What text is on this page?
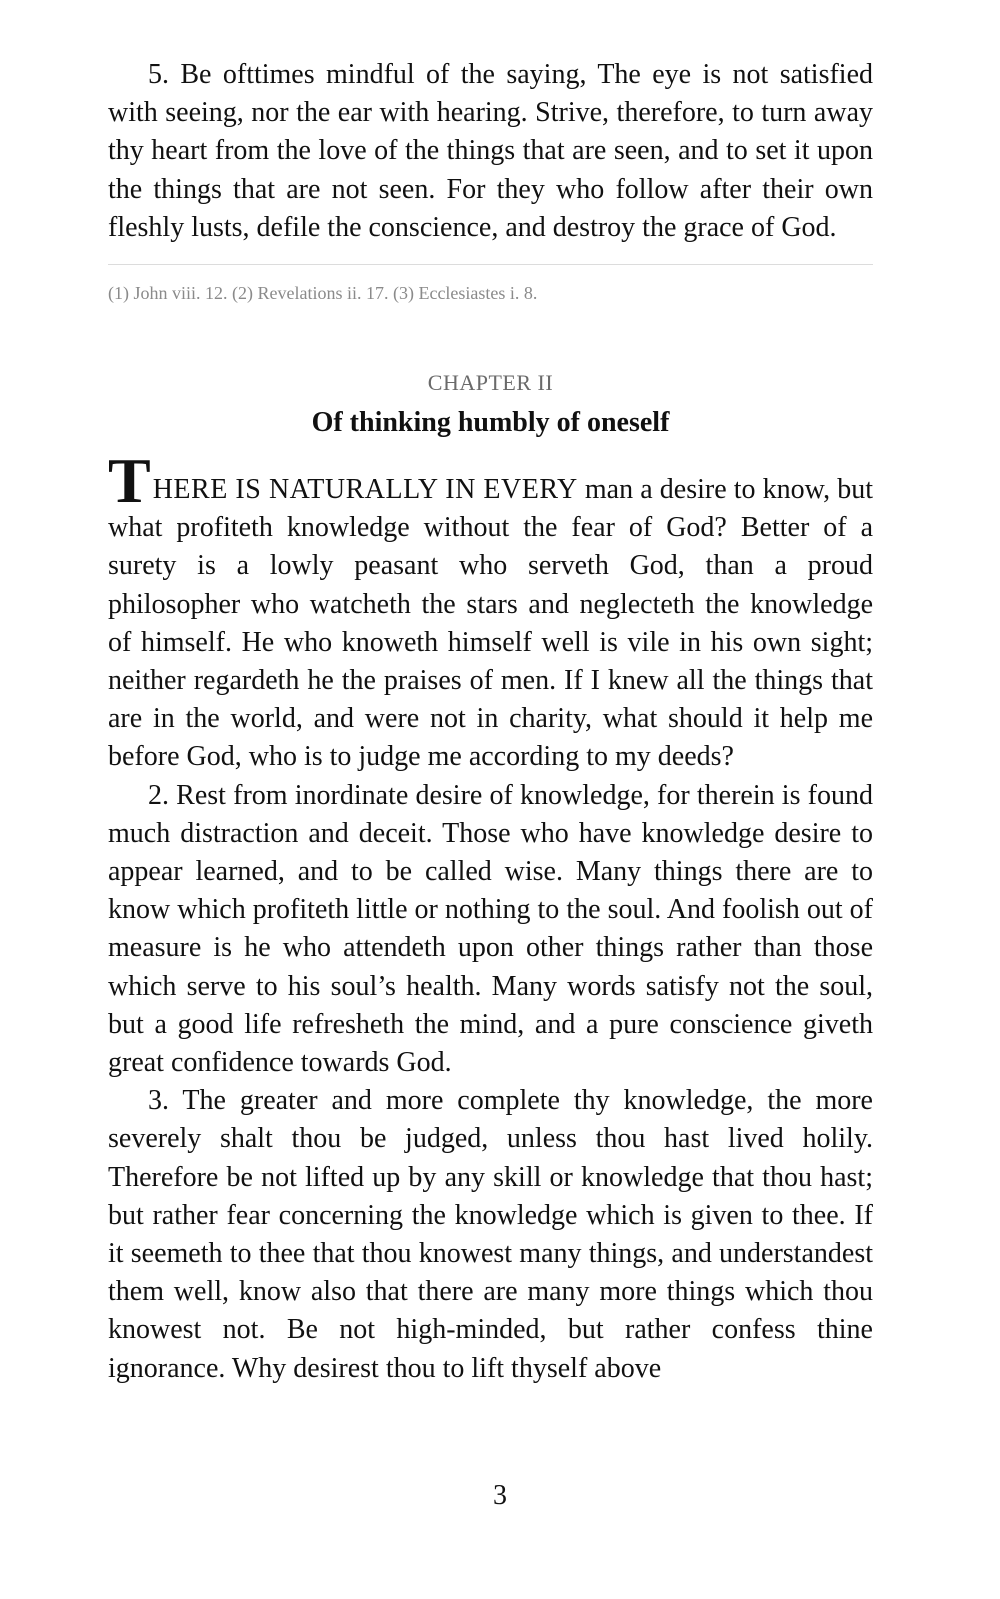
5. Be ofttimes mindful of the saying, The eye is not satisfied with seeing, nor the ear with hearing. Strive, therefore, to turn away thy heart from the love of the things that are seen, and to set it upon the things that are not seen. For they who follow after their own fleshly lusts, defile the conscience, and destroy the grace of God.

(1) John viii. 12. (2) Revelations ii. 17. (3) Ecclesiastes i. 8.

CHAPTER II
Of thinking humbly of oneself

THERE IS NATURALLY IN EVERY man a desire to know, but what profiteth knowledge without the fear of God? Better of a surety is a lowly peasant who serveth God, than a proud philosopher who watcheth the stars and neglecteth the knowledge of himself. He who knoweth himself well is vile in his own sight; neither regardeth he the praises of men. If I knew all the things that are in the world, and were not in charity, what should it help me before God, who is to judge me according to my deeds?

2. Rest from inordinate desire of knowledge, for therein is found much distraction and deceit. Those who have knowledge desire to appear learned, and to be called wise. Many things there are to know which profiteth little or nothing to the soul. And foolish out of measure is he who attendeth upon other things rather than those which serve to his soul’s health. Many words satisfy not the soul, but a good life refresheth the mind, and a pure conscience giveth great confidence towards God.

3. The greater and more complete thy knowledge, the more severely shalt thou be judged, unless thou hast lived holily. Therefore be not lifted up by any skill or knowledge that thou hast; but rather fear concerning the knowledge which is given to thee. If it seemeth to thee that thou knowest many things, and understandest them well, know also that there are many more things which thou knowest not. Be not high-minded, but rather confess thine ignorance. Why desirest thou to lift thyself above

3
